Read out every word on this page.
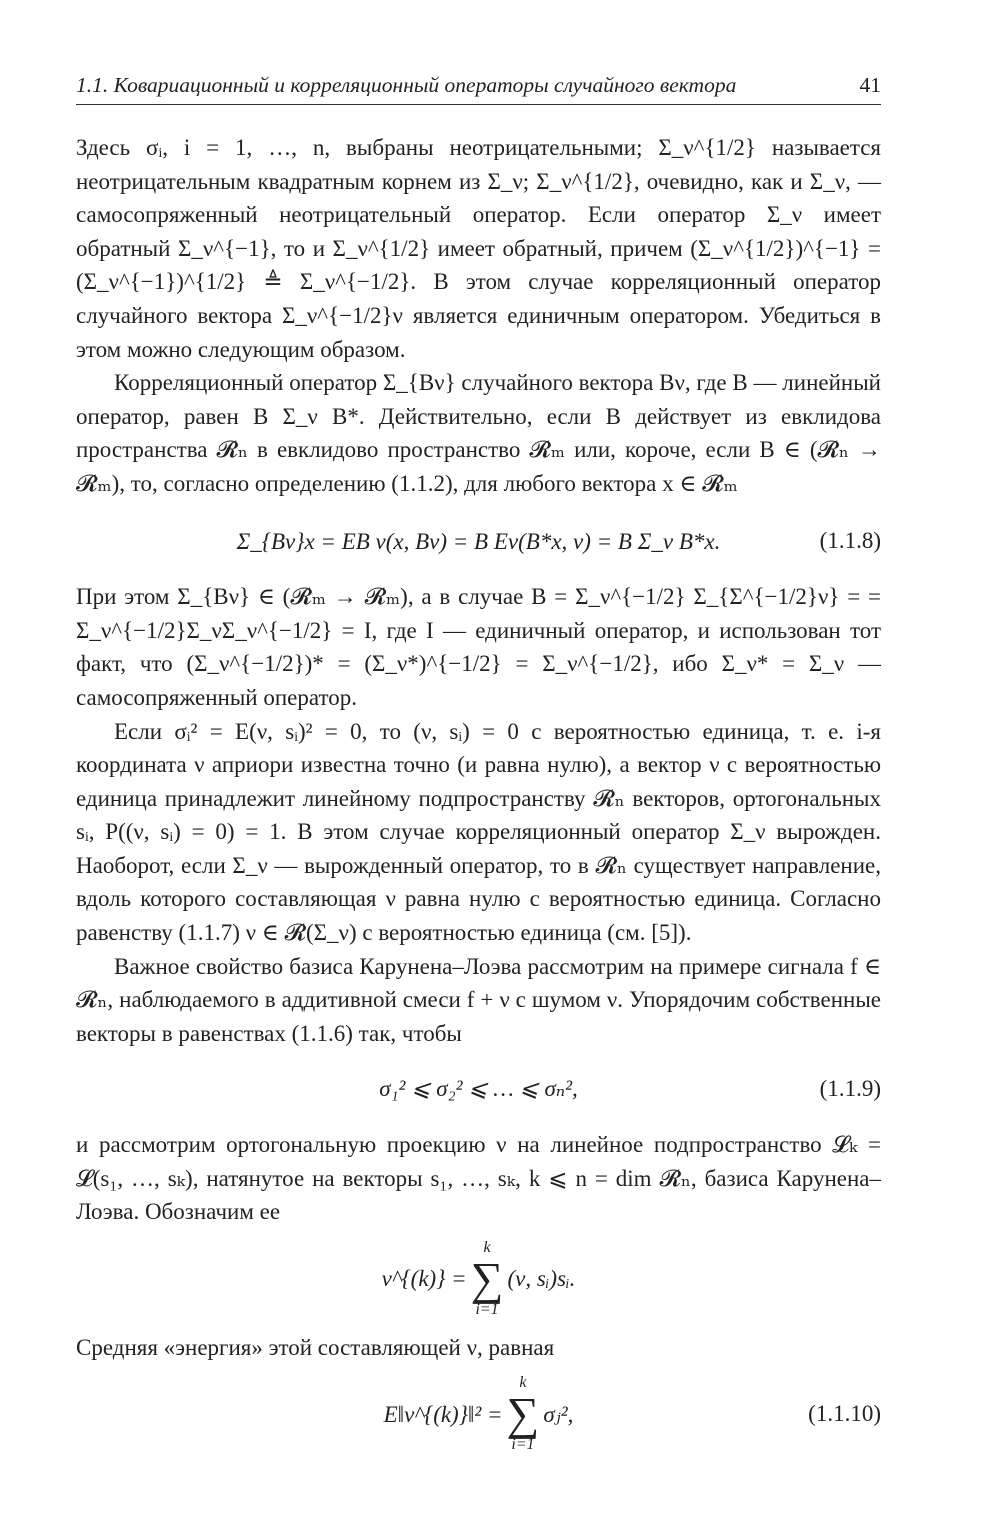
1.1. Ковариационный и корреляционный операторы случайного вектора	41

Здесь σᵢ, i = 1, …, n, выбраны неотрицательными; Σ_ν^{1/2} называется неотрицательным квадратным корнем из Σ_ν; Σ_ν^{1/2}, очевидно, как и Σ_ν, — самосопряженный неотрицательный оператор. Если оператор Σ_ν имеет обратный Σ_ν^{−1}, то и Σ_ν^{1/2} имеет обратный, причем (Σ_ν^{1/2})^{−1} = (Σ_ν^{−1})^{1/2} ≜ Σ_ν^{−1/2}. В этом случае корреляционный оператор случайного вектора Σ_ν^{−1/2}ν является единичным оператором. Убедиться в этом можно следующим образом.

Корреляционный оператор Σ_{Bν} случайного вектора Bν, где B — линейный оператор, равен B Σ_ν B*. Действительно, если B действует из евклидова пространства 𝓡ₙ в евклидово пространство 𝓡ₘ или, короче, если B ∈ (𝓡ₙ → 𝓡ₘ), то, согласно определению (1.1.2), для любого вектора x ∈ 𝓡ₘ

Σ_{Bν}x = EB ν(x, Bν) = B Eν(B*x, ν) = B Σ_ν B*x.	(1.1.8)

При этом Σ_{Bν} ∈ (𝓡ₘ → 𝓡ₘ), а в случае B = Σ_ν^{−1/2} Σ_{Σ^{−1/2}ν} = = Σ_ν^{−1/2}Σ_νΣ_ν^{−1/2} = I, где I — единичный оператор, и использован тот факт, что (Σ_ν^{−1/2})* = (Σ_ν*)^{−1/2} = Σ_ν^{−1/2}, ибо Σ_ν* = Σ_ν — самосопряженный оператор.

Если σᵢ² = E(ν, sᵢ)² = 0, то (ν, sᵢ) = 0 с вероятностью единица, т. е. i-я координата ν априори известна точно (и равна нулю), а вектор ν с вероятностью единица принадлежит линейному подпространству 𝓡ₙ векторов, ортогональных sᵢ, P((ν, sᵢ) = 0) = 1. В этом случае корреляционный оператор Σ_ν вырожден. Наоборот, если Σ_ν — вырожденный оператор, то в 𝓡ₙ существует направление, вдоль которого составляющая ν равна нулю с вероятностью единица. Согласно равенству (1.1.7) ν ∈ 𝓡(Σ_ν) с вероятностью единица (см. [5]).

Важное свойство базиса Карунена–Лоэва рассмотрим на примере сигнала f ∈ 𝓡ₙ, наблюдаемого в аддитивной смеси f + ν с шумом ν. Упорядочим собственные векторы в равенствах (1.1.6) так, чтобы

σ₁² ⩽ σ₂² ⩽ … ⩽ σₙ²,	(1.1.9)

и рассмотрим ортогональную проекцию ν на линейное подпространство 𝓛ₖ = 𝓛(s₁, …, sₖ), натянутое на векторы s₁, …, sₖ, k ⩽ n = dim 𝓡ₙ, базиса Карунена–Лоэва. Обозначим ее

ν^{(k)} =
k
∑
i=1
(ν, sᵢ)sᵢ.

Средняя «энергия» этой составляющей ν, равная

E‖ν^{(k)}‖² =
k
∑
i=1
σⱼ²,	(1.1.10)
